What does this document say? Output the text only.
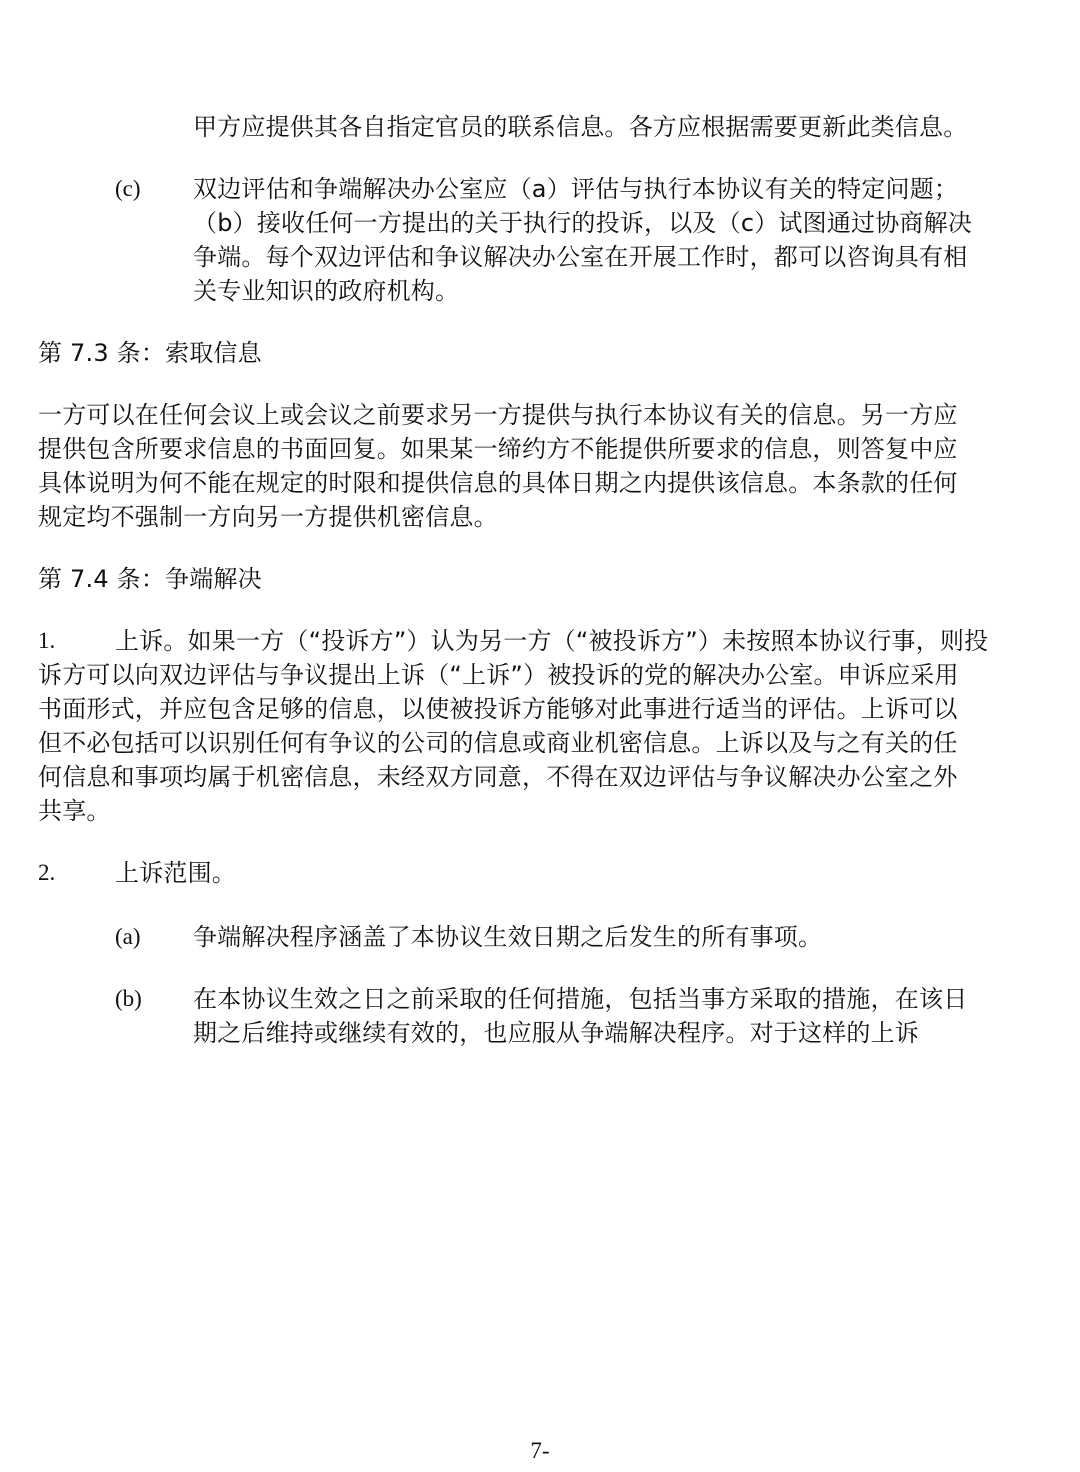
甲方应提供其各自指定官员的联系信息。各方应根据需要更新此类信息。
(c) 双边评估和争端解决办公室应（a）评估与执行本协议有关的特定问题；
（b）接收任何一方提出的关于执行的投诉，以及（c）试图通过协商解决
争端。每个双边评估和争议解决办公室在开展工作时，都可以咨询具有相
关专业知识的政府机构。
第 7.3 条：索取信息
一方可以在任何会议上或会议之前要求另一方提供与执行本协议有关的信息。另一方应
提供包含所要求信息的书面回复。如果某一缔约方不能提供所要求的信息，则答复中应
具体说明为何不能在规定的时限和提供信息的具体日期之内提供该信息。本条款的任何
规定均不强制一方向另一方提供机密信息。
第 7.4 条：争端解决
1. 上诉。如果一方（“投诉方”）认为另一方（“被投诉方”）未按照本协议行事，则投
诉方可以向双边评估与争议提出上诉（“上诉”）被投诉的党的解决办公室。申诉应采用
书面形式，并应包含足够的信息，以使被投诉方能够对此事进行适当的评估。上诉可以
但不必包括可以识别任何有争议的公司的信息或商业机密信息。上诉以及与之有关的任
何信息和事项均属于机密信息，未经双方同意，不得在双边评估与争议解决办公室之外
共享。
2. 上诉范围。
(a) 争端解决程序涵盖了本协议生效日期之后发生的所有事项。
(b) 在本协议生效之日之前采取的任何措施，包括当事方采取的措施，在该日
期之后维持或继续有效的，也应服从争端解决程序。对于这样的上诉
7-
